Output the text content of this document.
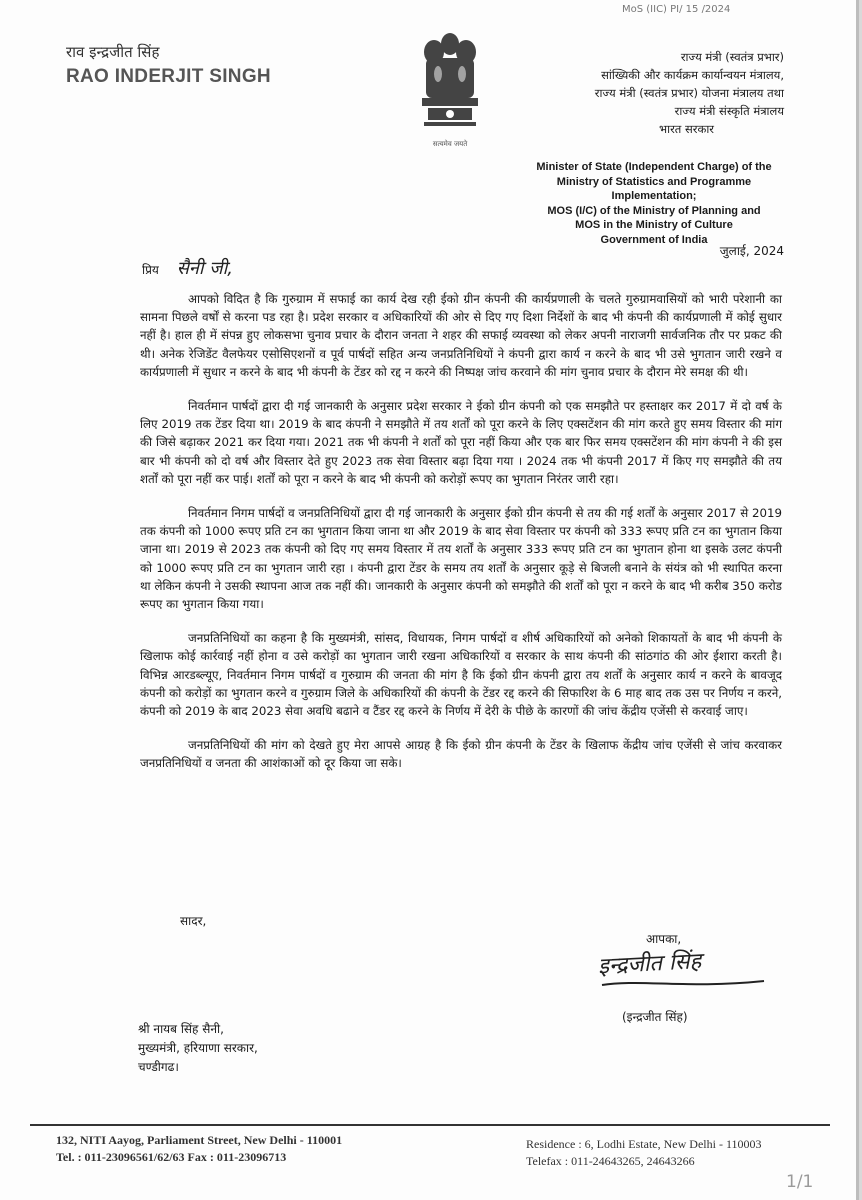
MoS (IIC) PI/ 15 /2024
राव इन्द्रजीत सिंह
RAO INDERJIT SINGH
सत्यमेव जयते
राज्य मंत्री (स्वतंत्र प्रभार)
सांख्यिकी और कार्यक्रम कार्यान्वयन मंत्रालय,
राज्य मंत्री (स्वतंत्र प्रभार) योजना मंत्रालय तथा
राज्य मंत्री संस्कृति मंत्रालय
भारत सरकार
Minister of State (Independent Charge) of the
Ministry of Statistics and Programme Implementation;
MOS (I/C) of the Ministry of Planning and
MOS in the Ministry of Culture
Government of India
जुलाई, 2024
प्रिय सैनी जी,

आपको विदित है कि गुरुग्राम में सफाई का कार्य देख रही ईको ग्रीन कंपनी की कार्यप्रणाली के चलते गुरुग्रामवासियों को भारी परेशानी का सामना पिछले वर्षों से करना पड रहा है। प्रदेश सरकार व अधिकारियों की ओर से दिए गए दिशा निर्देशों के बाद भी कंपनी की कार्यप्रणाली में कोई सुधार नहीं है। हाल ही में संपन्न हुए लोकसभा चुनाव प्रचार के दौरान जनता ने शहर की सफाई व्यवस्था को लेकर अपनी नाराजगी सार्वजनिक तौर पर प्रकट की थी। अनेक रेजिडेंट वैलफेयर एसोसिएशनों व पूर्व पार्षदों सहित अन्य जनप्रतिनिधियों ने कंपनी द्वारा कार्य न करने के बाद भी उसे भुगतान जारी रखने व कार्यप्रणाली में सुधार न करने के बाद भी कंपनी के टेंडर को रद्द न करने की निष्पक्ष जांच करवाने की मांग चुनाव प्रचार के दौरान मेरे समक्ष की थी।

निवर्तमान पार्षदों द्वारा दी गई जानकारी के अनुसार प्रदेश सरकार ने ईको ग्रीन कंपनी को एक समझौते पर हस्ताक्षर कर 2017 में दो वर्ष के लिए 2019 तक टेंडर दिया था। 2019 के बाद कंपनी ने समझौते में तय शर्तों को पूरा करने के लिए एक्सटेंशन की मांग करते हुए समय विस्तार की मांग की जिसे बढ़ाकर 2021 कर दिया गया। 2021 तक भी कंपनी ने शर्तों को पूरा नहीं किया और एक बार फिर समय एक्सटेंशन की मांग कंपनी ने की इस बार भी कंपनी को दो वर्ष और विस्तार देते हुए 2023 तक सेवा विस्तार बढ़ा दिया गया । 2024 तक भी कंपनी 2017 में किए गए समझौते की तय शर्तों को पूरा नहीं कर पाई। शर्तों को पूरा न करने के बाद भी कंपनी को करोड़ों रूपए का भुगतान निरंतर जारी रहा।

निवर्तमान निगम पार्षदों व जनप्रतिनिधियों द्वारा दी गई जानकारी के अनुसार ईको ग्रीन कंपनी से तय की गई शर्तों के अनुसार 2017 से 2019 तक कंपनी को 1000 रूपए प्रति टन का भुगतान किया जाना था और 2019 के बाद सेवा विस्तार पर कंपनी को 333 रूपए प्रति टन का भुगतान किया जाना था। 2019 से 2023 तक कंपनी को दिए गए समय विस्तार में तय शर्तों के अनुसार 333 रूपए प्रति टन का भुगतान होना था इसके उलट कंपनी को 1000 रूपए प्रति टन का भुगतान जारी रहा । कंपनी द्वारा टेंडर के समय तय शर्तों के अनुसार कूड़े से बिजली बनाने के संयंत्र को भी स्थापित करना था लेकिन कंपनी ने उसकी स्थापना आज तक नहीं की। जानकारी के अनुसार कंपनी को समझौते की शर्तों को पूरा न करने के बाद भी करीब 350 करोड रूपए का भुगतान किया गया।

जनप्रतिनिधियों का कहना है कि मुख्यमंत्री, सांसद, विधायक, निगम पार्षदों व शीर्ष अधिकारियों को अनेको शिकायतों के बाद भी कंपनी के खिलाफ कोई कार्रवाई नहीं होना व उसे करोड़ों का भुगतान जारी रखना अधिकारियों व सरकार के साथ कंपनी की सांठगांठ की ओर ईशारा करती है। विभिन्न आरडब्ल्यूए, निवर्तमान निगम पार्षदों व गुरुग्राम की जनता की मांग है कि ईको ग्रीन कंपनी द्वारा तय शर्तों के अनुसार कार्य न करने के बावजूद कंपनी को करोड़ों का भुगतान करने व गुरुग्राम जिले के अधिकारियों की कंपनी के टेंडर रद्द करने की सिफारिश के 6 माह बाद तक उस पर निर्णय न करने, कंपनी को 2019 के बाद 2023 सेवा अवधि बढाने व टैंडर रद्द करने के निर्णय में देरी के पीछे के कारणों की जांच केंद्रीय एजेंसी से करवाई जाए।

जनप्रतिनिधियों की मांग को देखते हुए मेरा आपसे आग्रह है कि ईको ग्रीन कंपनी के टेंडर के खिलाफ केंद्रीय जांच एजेंसी से जांच करवाकर जनप्रतिनिधियों व जनता की आशंकाओं को दूर किया जा सके।

सादर,
आपका,
इन्द्रजीत सिंह
(इन्द्रजीत सिंह)
श्री नायब सिंह सैनी,
मुख्यमंत्री, हरियाणा सरकार,
चण्डीगढ।
132, NITI Aayog, Parliament Street, New Delhi - 110001
Tel. : 011-23096561/62/63 Fax : 011-23096713
Residence : 6, Lodhi Estate, New Delhi - 110003
Telefax : 011-24643265, 24643266
1/1
